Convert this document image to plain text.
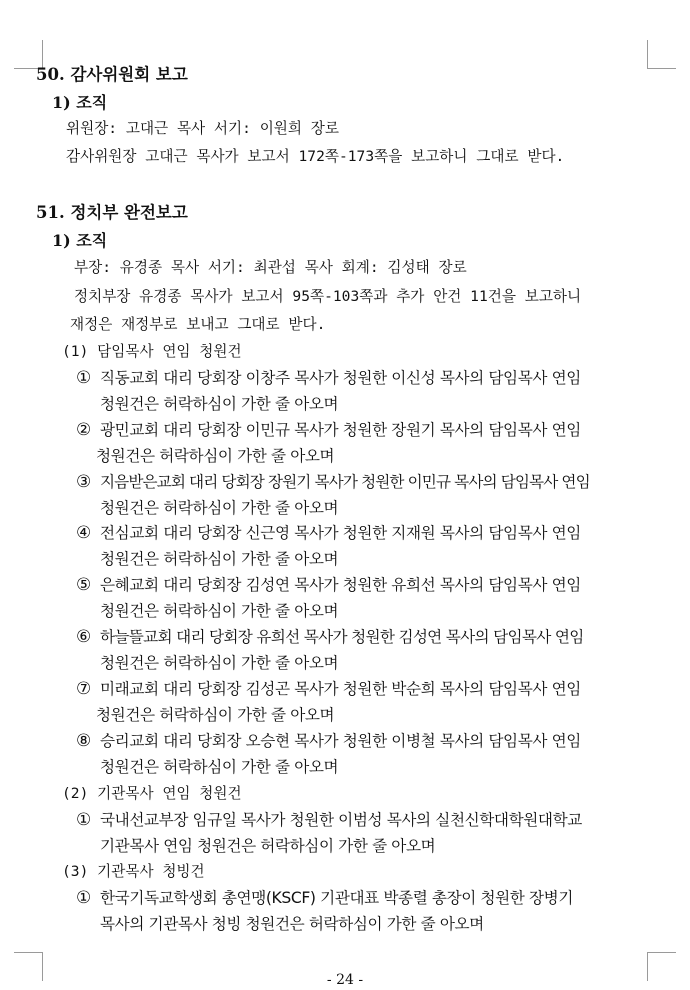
50. 감사위원회 보고
1) 조직
위원장: 고대근 목사 서기: 이원희 장로
감사위원장 고대근 목사가 보고서 172쪽-173쪽을 보고하니 그대로 받다.
51. 정치부 완전보고
1) 조직
부장: 유경종 목사 서기: 최관섭 목사 회계: 김성태 장로
정치부장 유경종 목사가 보고서 95쪽-103쪽과 추가 안건 11건을 보고하니
재정은 재정부로 보내고 그대로 받다.
(1) 담임목사 연임 청원건
① 직동교회 대리 당회장 이창주 목사가 청원한 이신성 목사의 담임목사 연임
청원건은 허락하심이 가한 줄 아오며
② 광민교회 대리 당회장 이민규 목사가 청원한 장원기 목사의 담임목사 연임
청원건은 허락하심이 가한 줄 아오며
③ 지음받은교회 대리 당회장 장원기 목사가 청원한 이민규 목사의 담임목사 연임
청원건은 허락하심이 가한 줄 아오며
④ 전심교회 대리 당회장 신근영 목사가 청원한 지재원 목사의 담임목사 연임
청원건은 허락하심이 가한 줄 아오며
⑤ 은혜교회 대리 당회장 김성연 목사가 청원한 유희선 목사의 담임목사 연임
청원건은 허락하심이 가한 줄 아오며
⑥ 하늘뜰교회 대리 당회장 유희선 목사가 청원한 김성연 목사의 담임목사 연임
청원건은 허락하심이 가한 줄 아오며
⑦ 미래교회 대리 당회장 김성곤 목사가 청원한 박순희 목사의 담임목사 연임
청원건은 허락하심이 가한 줄 아오며
⑧ 승리교회 대리 당회장 오승현 목사가 청원한 이병철 목사의 담임목사 연임
청원건은 허락하심이 가한 줄 아오며
(2) 기관목사 연임 청원건
① 국내선교부장 임규일 목사가 청원한 이범성 목사의 실천신학대학원대학교
기관목사 연임 청원건은 허락하심이 가한 줄 아오며
(3) 기관목사 청빙건
① 한국기독교학생회 총연맹(KSCF) 기관대표 박종렬 총장이 청원한 장병기
목사의 기관목사 청빙 청원건은 허락하심이 가한 줄 아오며
- 24 -
